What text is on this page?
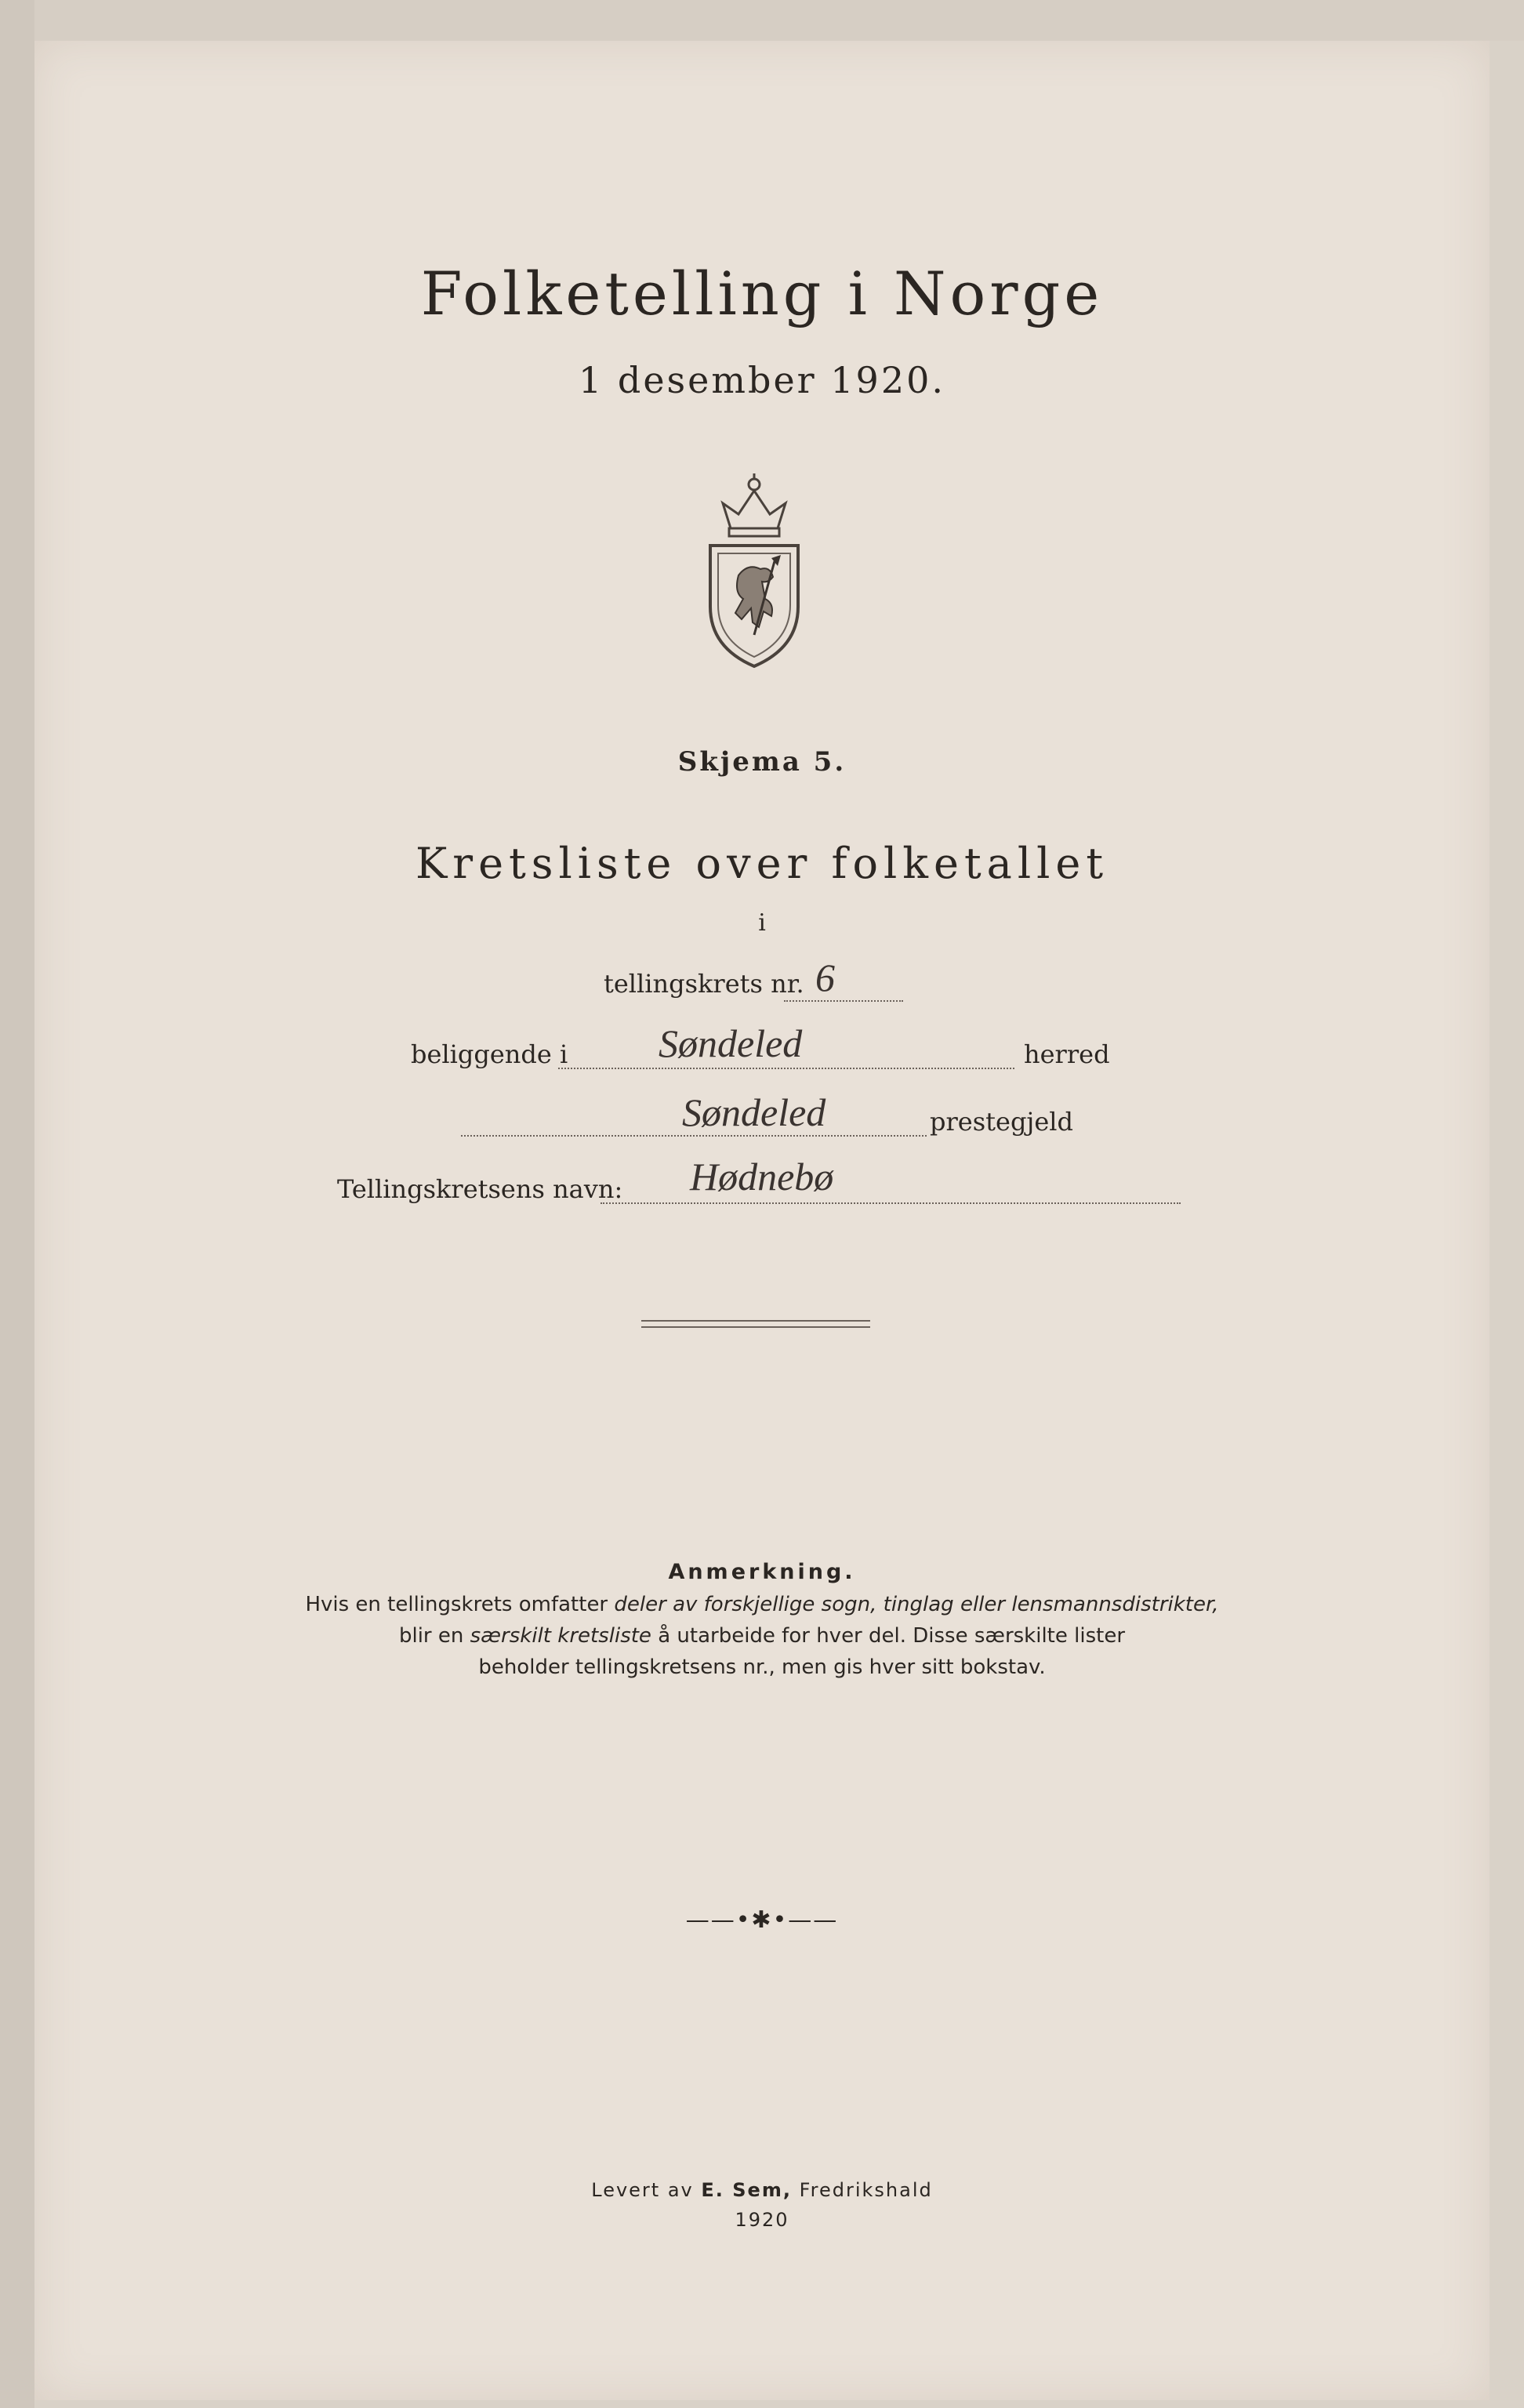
Folketelling i Norge
1 desember 1920.
Skjema 5.
Kretsliste over folketallet
i
tellingskrets nr. 6
beliggende i Søndeled	herred
Søndeled	prestegjeld
Tellingskretsens navn: Hødnebø
Anmerkning.
Hvis en tellingskrets omfatter deler av forskjellige sogn, tinglag eller lensmannsdistrikter,
blir en særskilt kretsliste å utarbeide for hver del. Disse særskilte lister
beholder tellingskretsens nr., men gis hver sitt bokstav.
——•✱•——
Levert av E. Sem, Fredrikshald
1920
